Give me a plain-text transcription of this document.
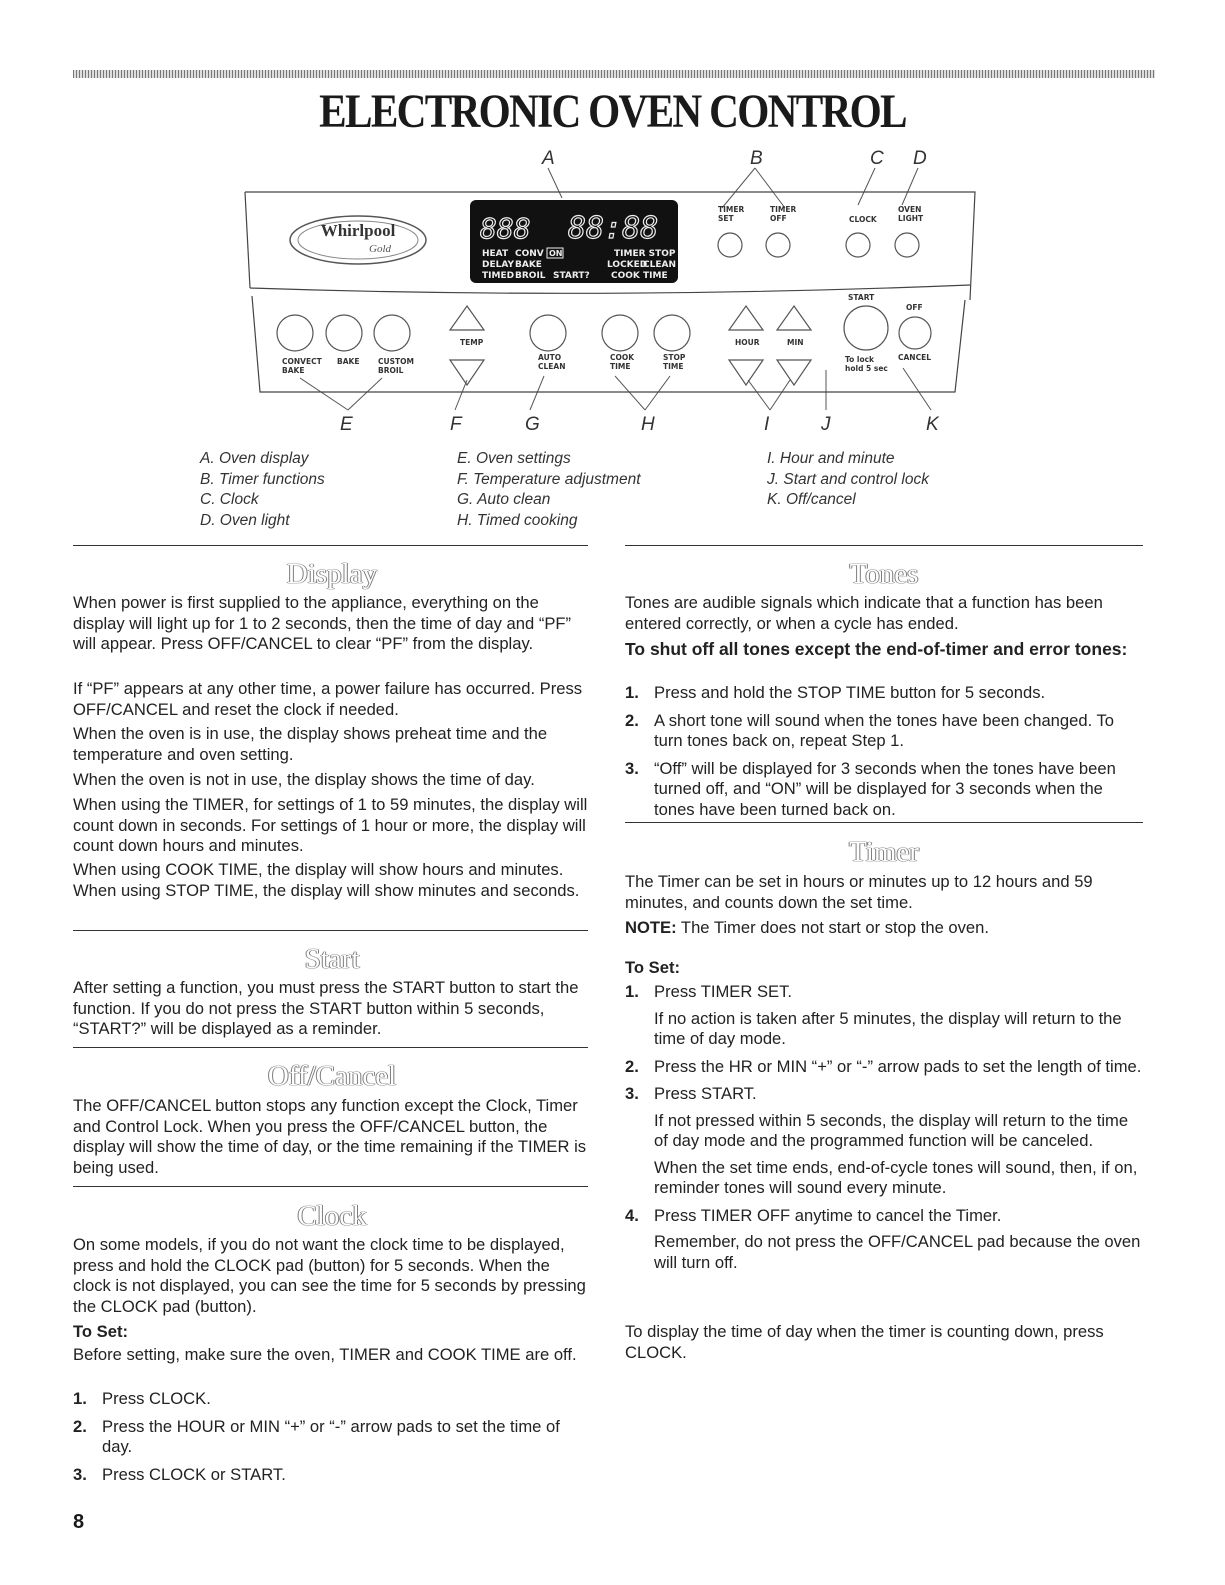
ELECTRONIC OVEN CONTROL
A	B	C D
E	F	G	H	I	J	K
Whirlpool
Gold
888 88:88
HEAT CONV ON	TIMER STOP
DELAY BAKE	LOCKED
CLEAN
TIMED BROIL START? COOK TIME
TIMER SET
TIMER OFF	CLOCK
OVEN LIGHT
CONVECT BAKE
BAKE CUSTOM BROIL
TEMP
AUTO CLEAN
COOK TIME
STOP TIME
HOUR	MIN
START
OFF
To lock hold 5 sec
CANCEL
A. Oven display
B. Timer functions
C. Clock
D. Oven light
E. Oven settings
F. Temperature adjustment
G. Auto clean
H. Timed cooking
I. Hour and minute
J. Start and control lock
K. Off/cancel
Display
When power is first supplied to the appliance, everything on the display will light up for 1 to 2 seconds, then the time of day and “PF” will appear. Press OFF/CANCEL to clear “PF” from the display.
If “PF” appears at any other time, a power failure has occurred. Press OFF/CANCEL and reset the clock if needed.
When the oven is in use, the display shows preheat time and the temperature and oven setting.
When the oven is not in use, the display shows the time of day.
When using the TIMER, for settings of 1 to 59 minutes, the display will count down in seconds. For settings of 1 hour or more, the display will count down hours and minutes.
When using COOK TIME, the display will show hours and minutes. When using STOP TIME, the display will show minutes and seconds.
Start
After setting a function, you must press the START button to start the function. If you do not press the START button within 5 seconds, “START?” will be displayed as a reminder.
Off/Cancel
The OFF/CANCEL button stops any function except the Clock, Timer and Control Lock. When you press the OFF/CANCEL button, the display will show the time of day, or the time remaining if the TIMER is being used.
Clock
On some models, if you do not want the clock time to be displayed, press and hold the CLOCK pad (button) for 5 seconds. When the clock is not displayed, you can see the time for 5 seconds by pressing the CLOCK pad (button).
To Set:
Before setting, make sure the oven, TIMER and COOK TIME are off.
1. Press CLOCK.
2. Press the HOUR or MIN “+” or “-” arrow pads to set the time of day.
3. Press CLOCK or START.
Tones
Tones are audible signals which indicate that a function has been entered correctly, or when a cycle has ended.
To shut off all tones except the end-of-timer and error tones:
1. Press and hold the STOP TIME button for 5 seconds.
2. A short tone will sound when the tones have been changed. To turn tones back on, repeat Step 1.
3. “Off” will be displayed for 3 seconds when the tones have been turned off, and “ON” will be displayed for 3 seconds when the tones have been turned back on.
Timer
The Timer can be set in hours or minutes up to 12 hours and 59 minutes, and counts down the set time.
NOTE: The Timer does not start or stop the oven.
To Set:
1. Press TIMER SET.
If no action is taken after 5 minutes, the display will return to the time of day mode.
2. Press the HR or MIN “+” or “-” arrow pads to set the length of time.
3. Press START.
If not pressed within 5 seconds, the display will return to the time of day mode and the programmed function will be canceled.
When the set time ends, end-of-cycle tones will sound, then, if on, reminder tones will sound every minute.
4. Press TIMER OFF anytime to cancel the Timer.
Remember, do not press the OFF/CANCEL pad because the oven will turn off.
To display the time of day when the timer is counting down, press CLOCK.
8
